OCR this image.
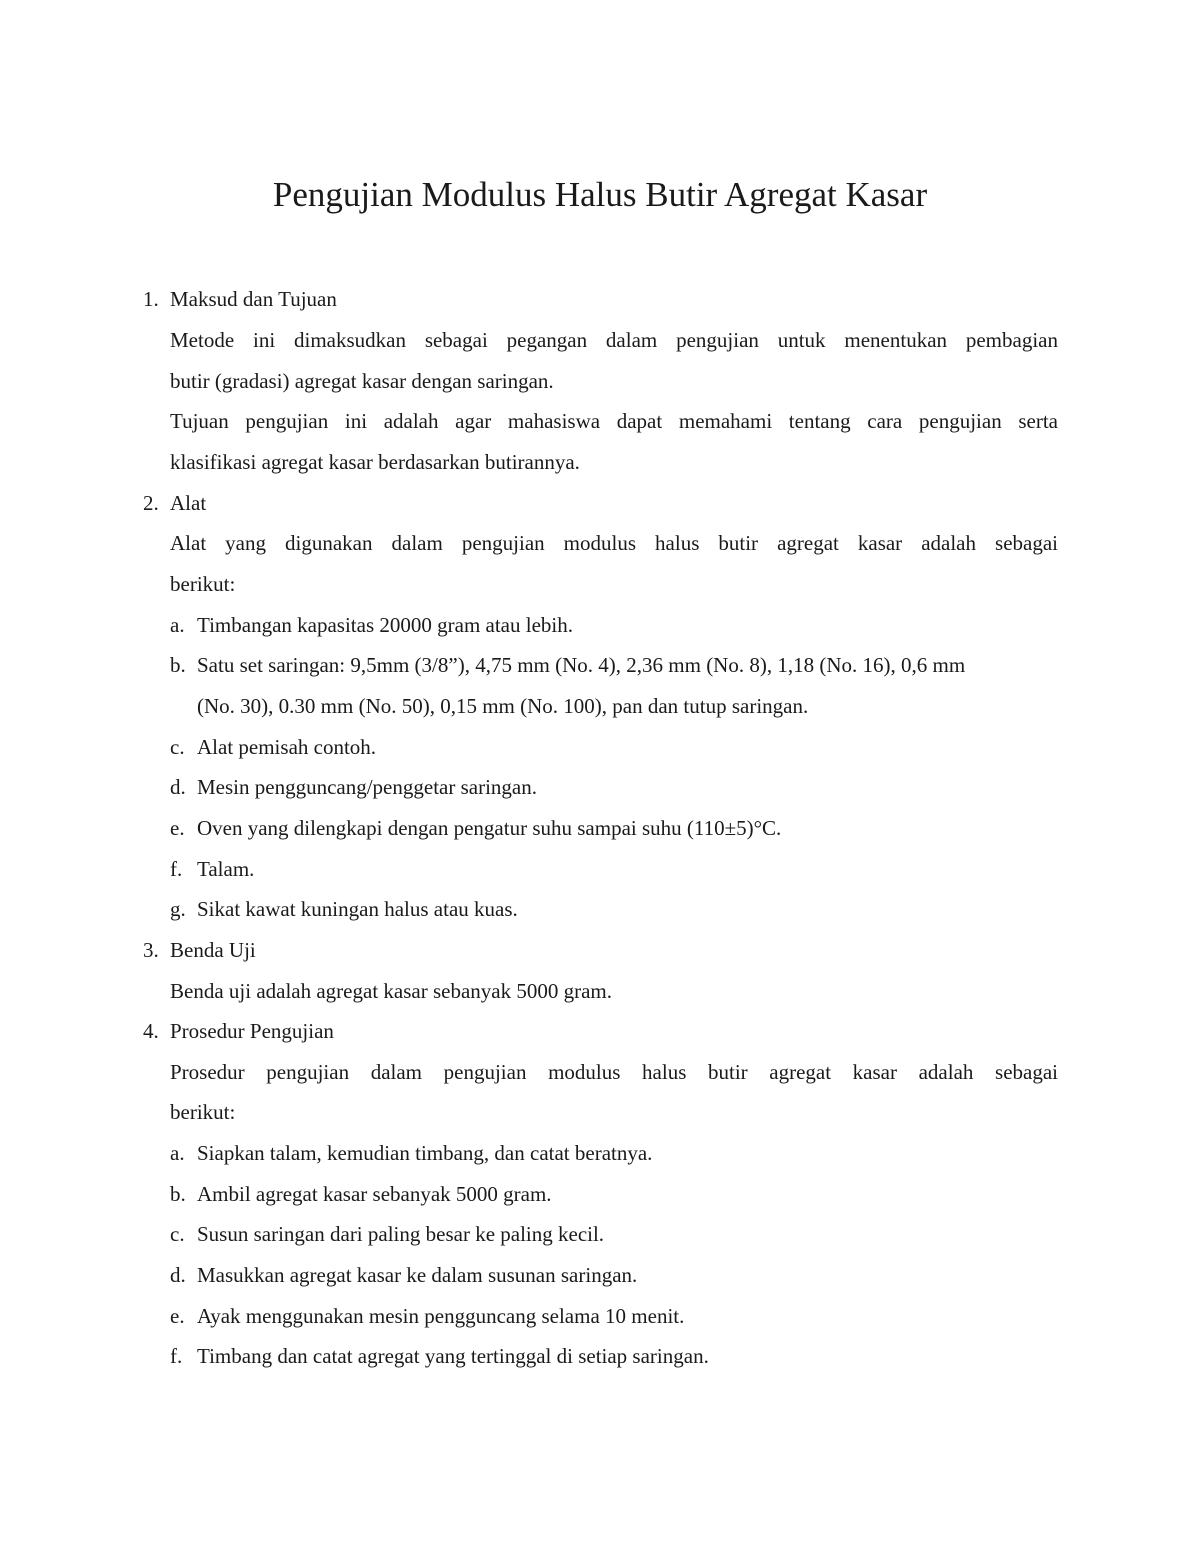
Pengujian Modulus Halus Butir Agregat Kasar
1. Maksud dan Tujuan
Metode ini dimaksudkan sebagai pegangan dalam pengujian untuk menentukan pembagian
butir (gradasi) agregat kasar dengan saringan.
Tujuan pengujian ini adalah agar mahasiswa dapat memahami tentang cara pengujian serta
klasifikasi agregat kasar berdasarkan butirannya.
2. Alat
Alat yang digunakan dalam pengujian modulus halus butir agregat kasar adalah sebagai
berikut:
a. Timbangan kapasitas 20000 gram atau lebih.
b. Satu set saringan: 9,5mm (3/8”), 4,75 mm (No. 4), 2,36 mm (No. 8), 1,18 (No. 16), 0,6 mm
(No. 30), 0.30 mm (No. 50), 0,15 mm (No. 100), pan dan tutup saringan.
c. Alat pemisah contoh.
d. Mesin pengguncang/penggetar saringan.
e. Oven yang dilengkapi dengan pengatur suhu sampai suhu (110±5)°C.
f. Talam.
g. Sikat kawat kuningan halus atau kuas.
3. Benda Uji
Benda uji adalah agregat kasar sebanyak 5000 gram.
4. Prosedur Pengujian
Prosedur pengujian dalam pengujian modulus halus butir agregat kasar adalah sebagai
berikut:
a. Siapkan talam, kemudian timbang, dan catat beratnya.
b. Ambil agregat kasar sebanyak 5000 gram.
c. Susun saringan dari paling besar ke paling kecil.
d. Masukkan agregat kasar ke dalam susunan saringan.
e. Ayak menggunakan mesin pengguncang selama 10 menit.
f. Timbang dan catat agregat yang tertinggal di setiap saringan.
